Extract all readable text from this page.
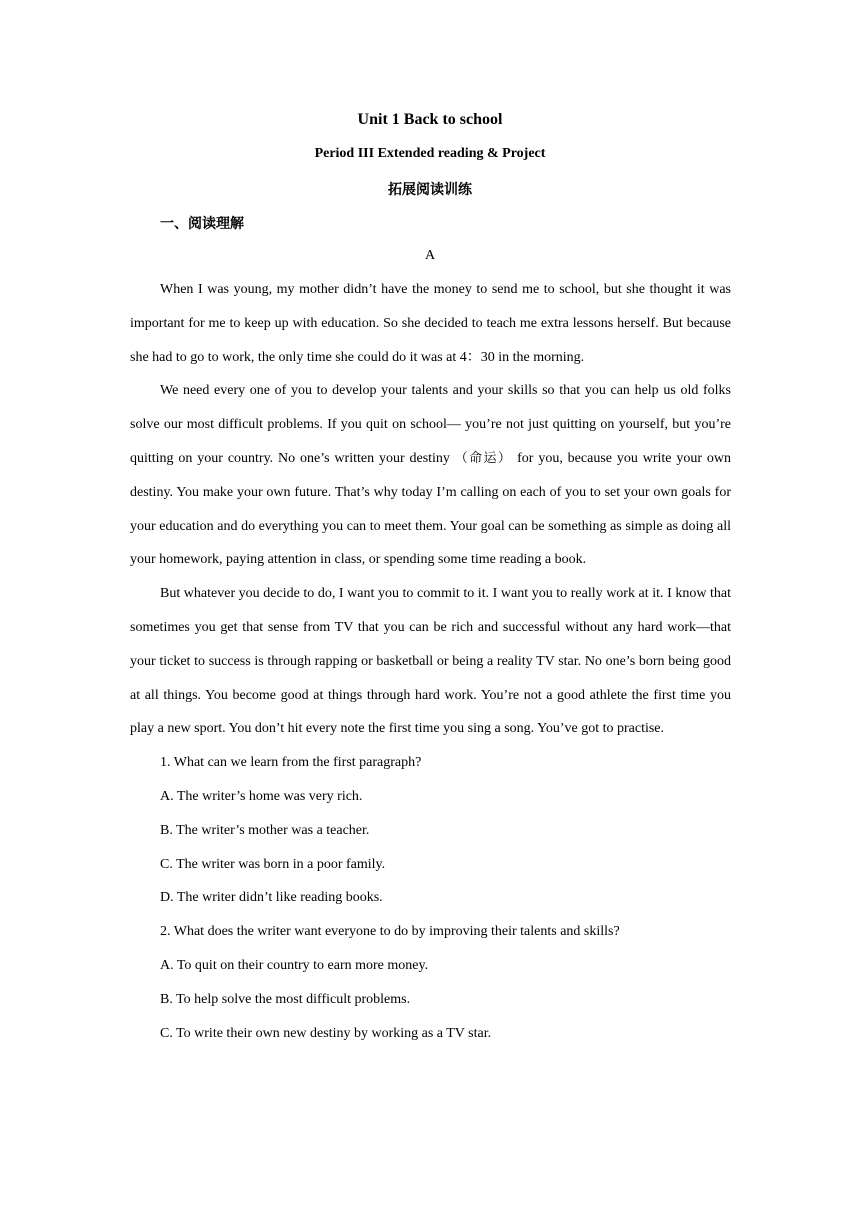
Unit 1 Back to school
Period III Extended reading & Project
拓展阅读训练
一、阅读理解
A

When I was young, my mother didn’t have the money to send me to school, but she thought it was important for me to keep up with education. So she decided to teach me extra lessons herself. But because she had to go to work, the only time she could do it was at 4：30 in the morning.

We need every one of you to develop your talents and your skills so that you can help us old folks solve our most difficult problems. If you quit on school— you’re not just quitting on yourself, but you’re quitting on your country. No one’s written your destiny （命运） for you, because you write your own destiny. You make your own future. That’s why today I’m calling on each of you to set your own goals for your education and do everything you can to meet them. Your goal can be something as simple as doing all your homework, paying attention in class, or spending some time reading a book.

But whatever you decide to do, I want you to commit to it. I want you to really work at it. I know that sometimes you get that sense from TV that you can be rich and successful without any hard work—that your ticket to success is through rapping or basketball or being a reality TV star. No one’s born being good at all things. You become good at things through hard work. You’re not a good athlete the first time you play a new sport. You don’t hit every note the first time you sing a song. You’ve got to practise.

1. What can we learn from the first paragraph?

A. The writer’s home was very rich.

B. The writer’s mother was a teacher.

C. The writer was born in a poor family.

D. The writer didn’t like reading books.

2. What does the writer want everyone to do by improving their talents and skills?

A. To quit on their country to earn more money.

B. To help solve the most difficult problems.

C. To write their own new destiny by working as a TV star.
